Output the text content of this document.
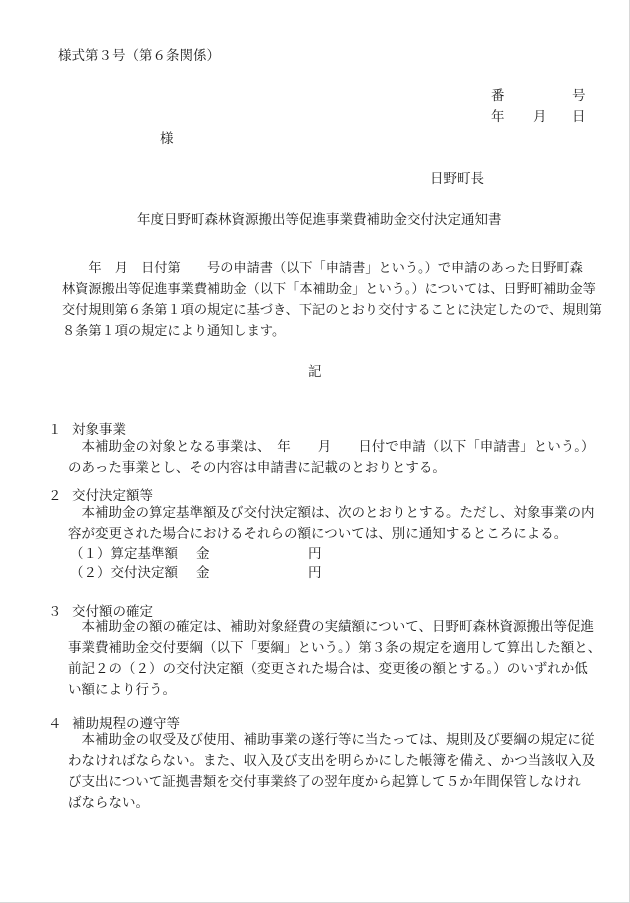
様式第３号（第６条関係）
番	号
年 月 日
様
日野町長
年度日野町森林資源搬出等促進事業費補助金交付決定通知書
　　年　月　日付第　　号の申請書（以下「申請書」という。）で申請のあった日野町森
林資源搬出等促進事業費補助金（以下「本補助金」という。）については、日野町補助金等
交付規則第６条第１項の規定に基づき、下記のとおり交付することに決定したので、規則第
８条第１項の規定により通知します。
記
１ 対象事業
　本補助金の対象となる事業は、　年　　月　　日付で申請（以下「申請書」という。）
のあった事業とし、その内容は申請書に記載のとおりとする。
２ 交付決定額等
　本補助金の算定基準額及び交付決定額は、次のとおりとする。ただし、対象事業の内
容が変更された場合におけるそれらの額については、別に通知するところによる。
（１）算定基準額 金	円
（２）交付決定額 金	円
３ 交付額の確定
　本補助金の額の確定は、補助対象経費の実績額について、日野町森林資源搬出等促進
事業費補助金交付要綱（以下「要綱」という。）第３条の規定を適用して算出した額と、
前記２の（２）の交付決定額（変更された場合は、変更後の額とする。）のいずれか低
い額により行う。
４ 補助規程の遵守等
　本補助金の収受及び使用、補助事業の遂行等に当たっては、規則及び要綱の規定に従
わなければならない。また、収入及び支出を明らかにした帳簿を備え、かつ当該収入及
び支出について証拠書類を交付事業終了の翌年度から起算して５か年間保管しなけれ
ばならない。
